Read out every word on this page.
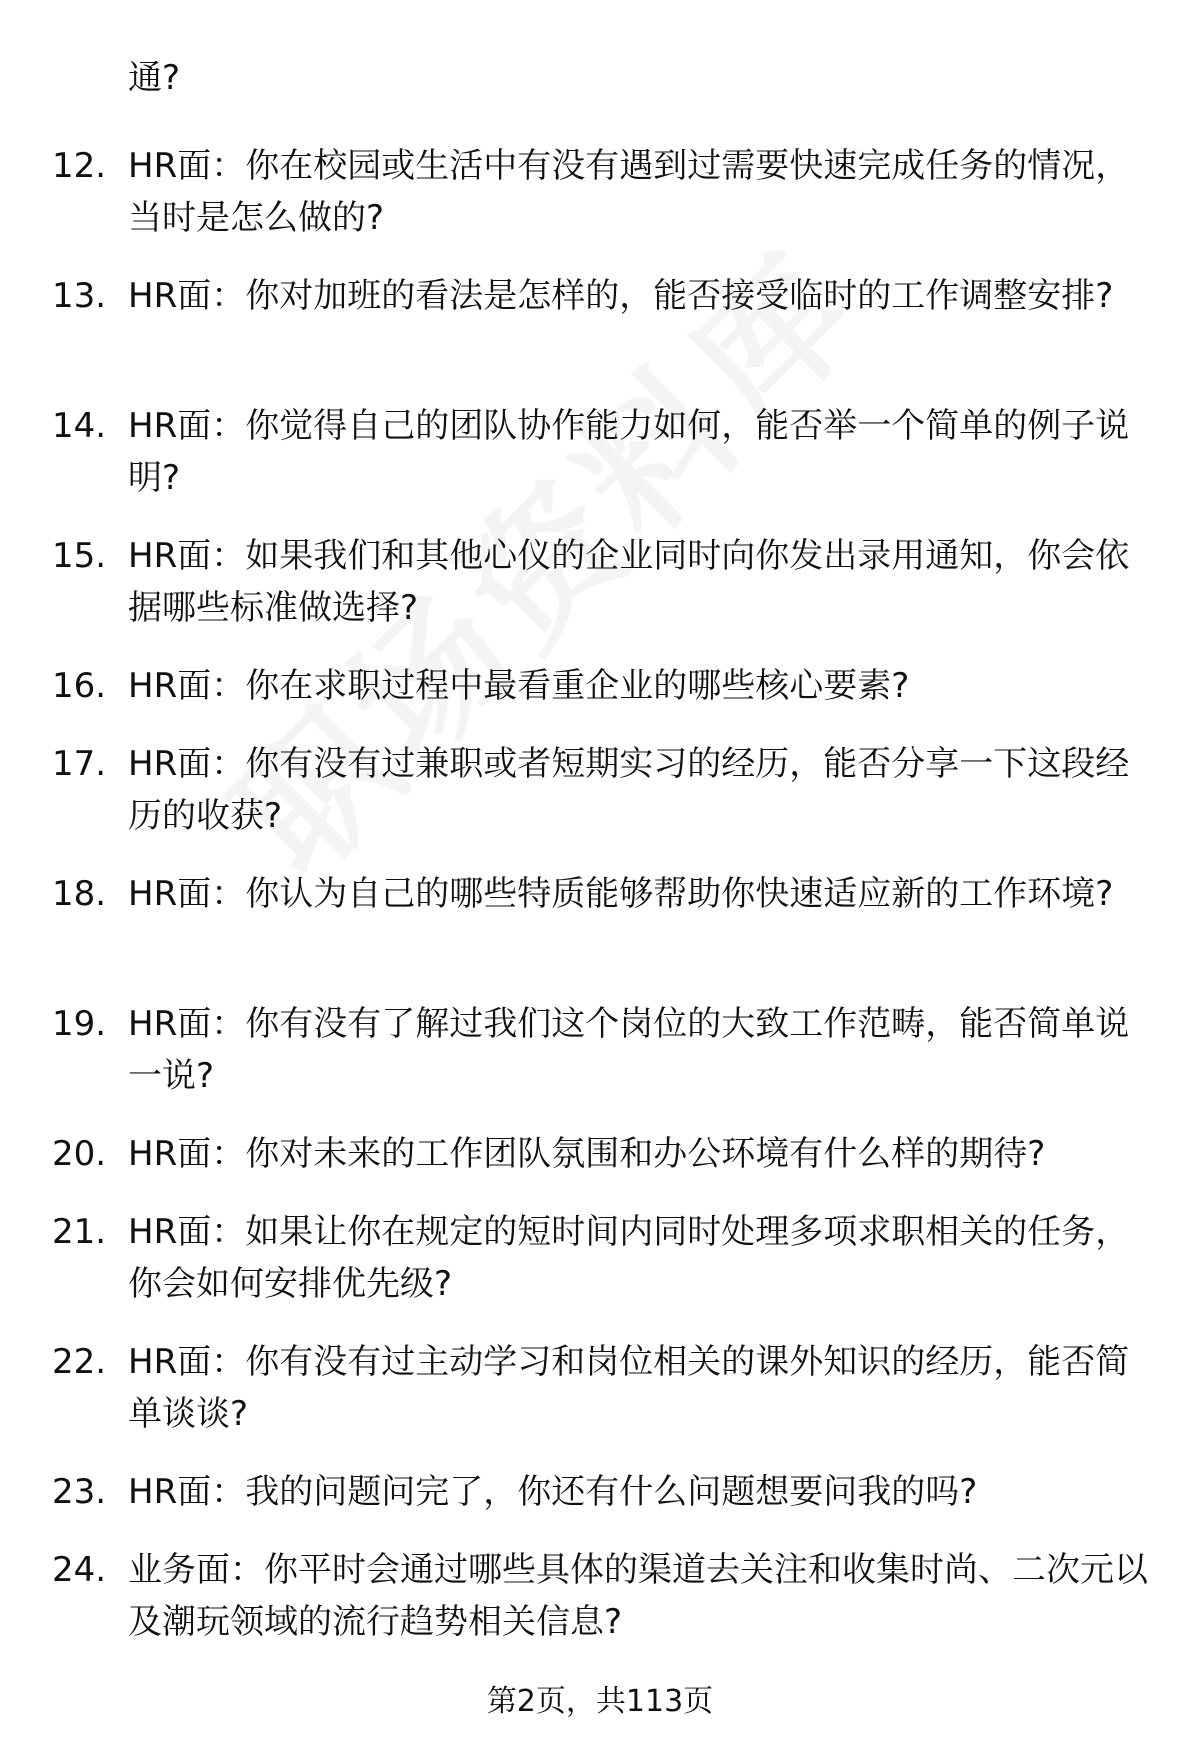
通?
12. HR面：你在校园或生活中有没有遇到过需要快速完成任务的情况，当时是怎么做的?
13. HR面：你对加班的看法是怎样的，能否接受临时的工作调整安排?
14. HR面：你觉得自己的团队协作能力如何，能否举一个简单的例子说明?
15. HR面：如果我们和其他心仪的企业同时向你发出录用通知，你会依据哪些标准做选择?
16. HR面：你在求职过程中最看重企业的哪些核心要素?
17. HR面：你有没有过兼职或者短期实习的经历，能否分享一下这段经历的收获?
18. HR面：你认为自己的哪些特质能够帮助你快速适应新的工作环境?
19. HR面：你有没有了解过我们这个岗位的大致工作范畴，能否简单说一说?
20. HR面：你对未来的工作团队氛围和办公环境有什么样的期待?
21. HR面：如果让你在规定的短时间内同时处理多项求职相关的任务，你会如何安排优先级?
22. HR面：你有没有过主动学习和岗位相关的课外知识的经历，能否简单谈谈?
23. HR面：我的问题问完了，你还有什么问题想要问我的吗?
24. 业务面：你平时会通过哪些具体的渠道去关注和收集时尚、二次元以及潮玩领域的流行趋势相关信息?
第2页，共113页
